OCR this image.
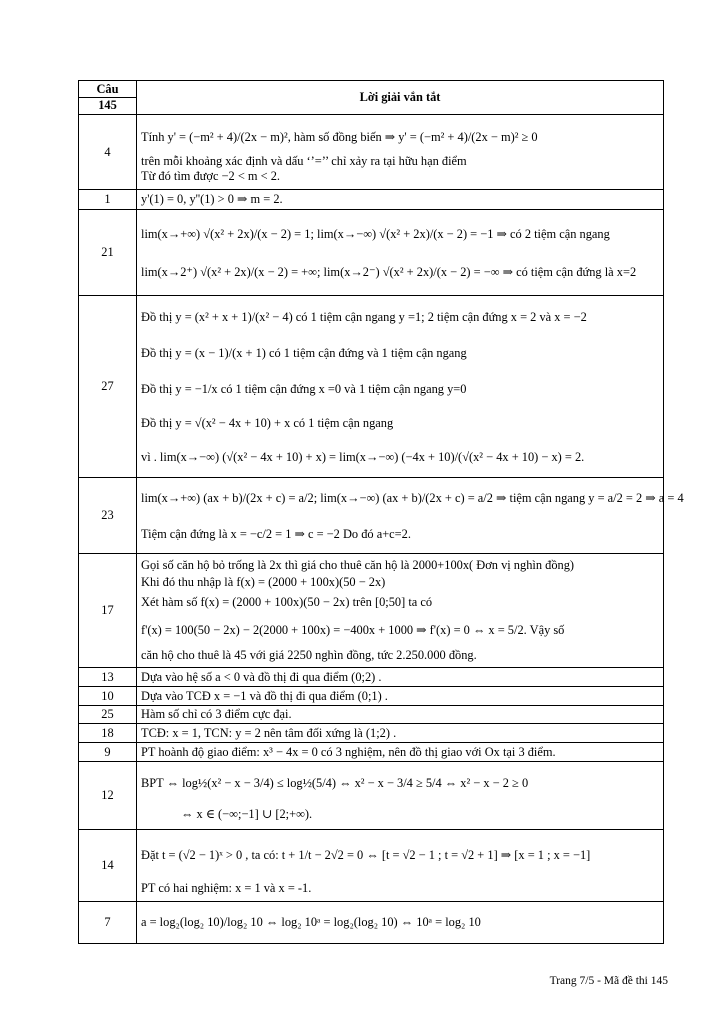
Câu
145	Lời giải vắn tắt
4	Tính y' = (−m² + 4)/(2x − m)², hàm số đồng biến ⇒ y' = (−m² + 4)/(2x − m)² ≥ 0
trên mỗi khoảng xác định và dấu ‘’=’’ chỉ xảy ra tại hữu hạn điểm
Từ đó tìm được −2 < m < 2.

1	y'(1) = 0, y''(1) > 0 ⇒ m = 2.

21	lim(x→+∞) √(x² + 2x)/(x − 2) = 1; lim(x→−∞) √(x² + 2x)/(x − 2) = −1 ⇒ có 2 tiệm cận ngang
lim(x→2⁺) √(x² + 2x)/(x − 2) = +∞; lim(x→2⁻) √(x² + 2x)/(x − 2) = −∞ ⇒ có tiệm cận đứng là x=2

27	Đồ thị y = (x² + x + 1)/(x² − 4) có 1 tiệm cận ngang y =1; 2 tiệm cận đứng x = 2 và x = −2
Đồ thị y = (x − 1)/(x + 1) có 1 tiệm cận đứng và 1 tiệm cận ngang
Đồ thị y = −1/x có 1 tiệm cận đứng x =0 và 1 tiệm cận ngang y=0
Đồ thị y = √(x² − 4x + 10) + x có 1 tiệm cận ngang
vì . lim(x→−∞) (√(x² − 4x + 10) + x) = lim(x→−∞) (−4x + 10)/(√(x² − 4x + 10) − x) = 2.

23	lim(x→+∞) (ax + b)/(2x + c) = a/2; lim(x→−∞) (ax + b)/(2x + c) = a/2 ⇒ tiệm cận ngang y = a/2 = 2 ⇒ a = 4
Tiệm cận đứng là x = −c/2 = 1 ⇒ c = −2 Do đó a+c=2.

17	Gọi số căn hộ bỏ trống là 2x thì giá cho thuê căn hộ là 2000+100x( Đơn vị nghìn đồng)
Khi đó thu nhập là f(x) = (2000 + 100x)(50 − 2x)
Xét hàm số f(x) = (2000 + 100x)(50 − 2x) trên [0;50] ta có
f'(x) = 100(50 − 2x) − 2(2000 + 100x) = −400x + 1000 ⇒ f'(x) = 0 ⇔ x = 5/2. Vậy số
căn hộ cho thuê là 45 với giá 2250 nghìn đồng, tức 2.250.000 đồng.

13	Dựa vào hệ số a < 0 và đồ thị đi qua điểm (0;2) .

10	Dựa vào TCĐ x = −1 và đồ thị đi qua điểm (0;1) .

25	Hàm số chỉ có 3 điểm cực đại.

18	TCĐ: x = 1, TCN: y = 2 nên tâm đối xứng là (1;2) .

9	PT hoành độ giao điểm: x³ − 4x = 0 có 3 nghiệm, nên đồ thị giao với Ox tại 3 điểm.

12	BPT ⇔ log½(x² − x − 3/4) ≤ log½(5/4) ⇔ x² − x − 3/4 ≥ 5/4 ⇔ x² − x − 2 ≥ 0
⇔ x ∈ (−∞;−1] ∪ [2;+∞).

14	Đặt t = (√2 − 1)ˣ > 0 , ta có: t + 1/t − 2√2 = 0 ⇔ [t = √2 − 1 ; t = √2 + 1] ⇒ [x = 1 ; x = −1]
PT có hai nghiệm: x = 1 và x = -1.

7	a = log₂(log₂ 10)/log₂ 10 ⇔ log₂ 10ᵃ = log₂(log₂ 10) ⇔ 10ᵃ = log₂ 10
Trang 7/5 - Mã đề thi 145
